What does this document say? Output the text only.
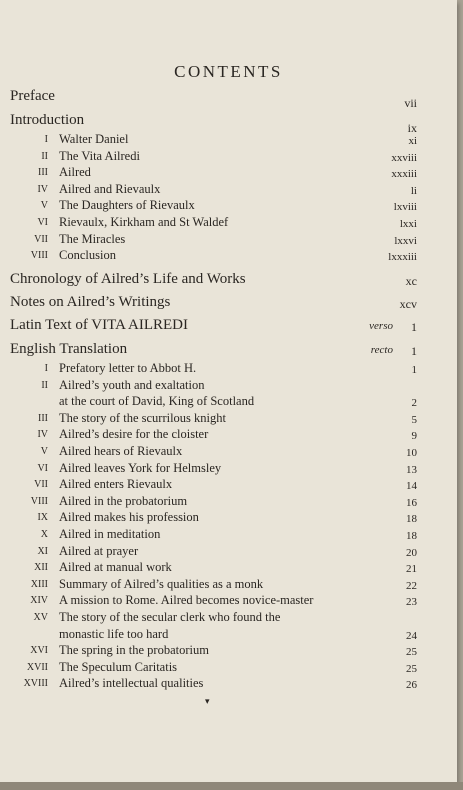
CONTENTS
Preface	vii
Introduction	ix
I Walter Daniel	xi
II The Vita Ailredi	xxviii
III Ailred	xxxiii
IV Ailred and Rievaulx	li
V The Daughters of Rievaulx	lxviii
VI Rievaulx, Kirkham and St Waldef	lxxi
VII The Miracles	lxxvi
VIII Conclusion	lxxxiii
Chronology of Ailred’s Life and Works	xc
Notes on Ailred’s Writings	xcv
Latin Text of VITA AILREDI	verso 1
English Translation	recto 1
I Prefatory letter to Abbot H.	1
II Ailred’s youth and exaltation
at the court of David, King of Scotland	2
III The story of the scurrilous knight	5
IV Ailred’s desire for the cloister	9
V Ailred hears of Rievaulx	10
VI Ailred leaves York for Helmsley	13
VII Ailred enters Rievaulx	14
VIII Ailred in the probatorium	16
IX Ailred makes his profession	18
X Ailred in meditation	18
XI Ailred at prayer	20
XII Ailred at manual work	21
XIII Summary of Ailred’s qualities as a monk	22
XIV A mission to Rome. Ailred becomes novice-master	23
XV The story of the secular clerk who found the
monastic life too hard	24
XVI The spring in the probatorium	25
XVII The Speculum Caritatis	25
XVIII Ailred’s intellectual qualities	26
▾
